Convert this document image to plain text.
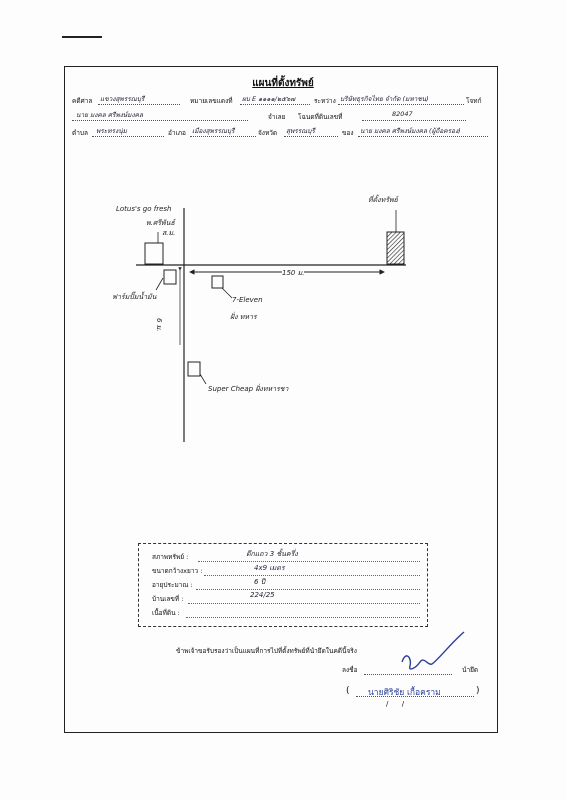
แผนที่ตั้งทรัพย์
คดีศาล แขวงสุพรรณบุรี	หมายเลขแดงที่ ผบ E ๑๑๑๑/๒๕๖๗	ระหว่าง บริษัทธุรกิจไทย จำกัด (มหาชน)	โจทก์
นาย มงคล ศรีพงษ์มงคล	จำเลย โฉนดที่ดินเลขที่	82047
ตำบล พระทรงนุ่ม	อำเภอ เมืองสุพรรณบุรี	จังหวัด สุพรรณบุรี	ของ นาย มงคล ศรีพงษ์มงคล (ผู้ถือครอง)
Lotus's go fresh
พ.ศรีพันธ์
ส.ม.
ที่ตั้งทรัพย์
150 ม.
ฟาร์มปั๊มน้ำมัน	7-Eleven
ฝั่ง ทหาร
6 ม.
Super Cheap ฝั่งทหารชา
สภาพทรัพย์ :	ตึกแถว 3 ชั้นครึ่ง
ขนาดกว้างxยาว :	4x9 เมตร
อายุประมาณ :	6 ปี
บ้านเลขที่ :	224/25
เนื้อที่ดิน :
ข้าพเจ้าขอรับรองว่าเป็นแผนที่การไปที่ตั้งทรัพย์ที่นำยึดในคดีนี้จริง
ลงชื่อ	นำยึด
( นายศิริชัย เกื้อคราม	)
/      /
